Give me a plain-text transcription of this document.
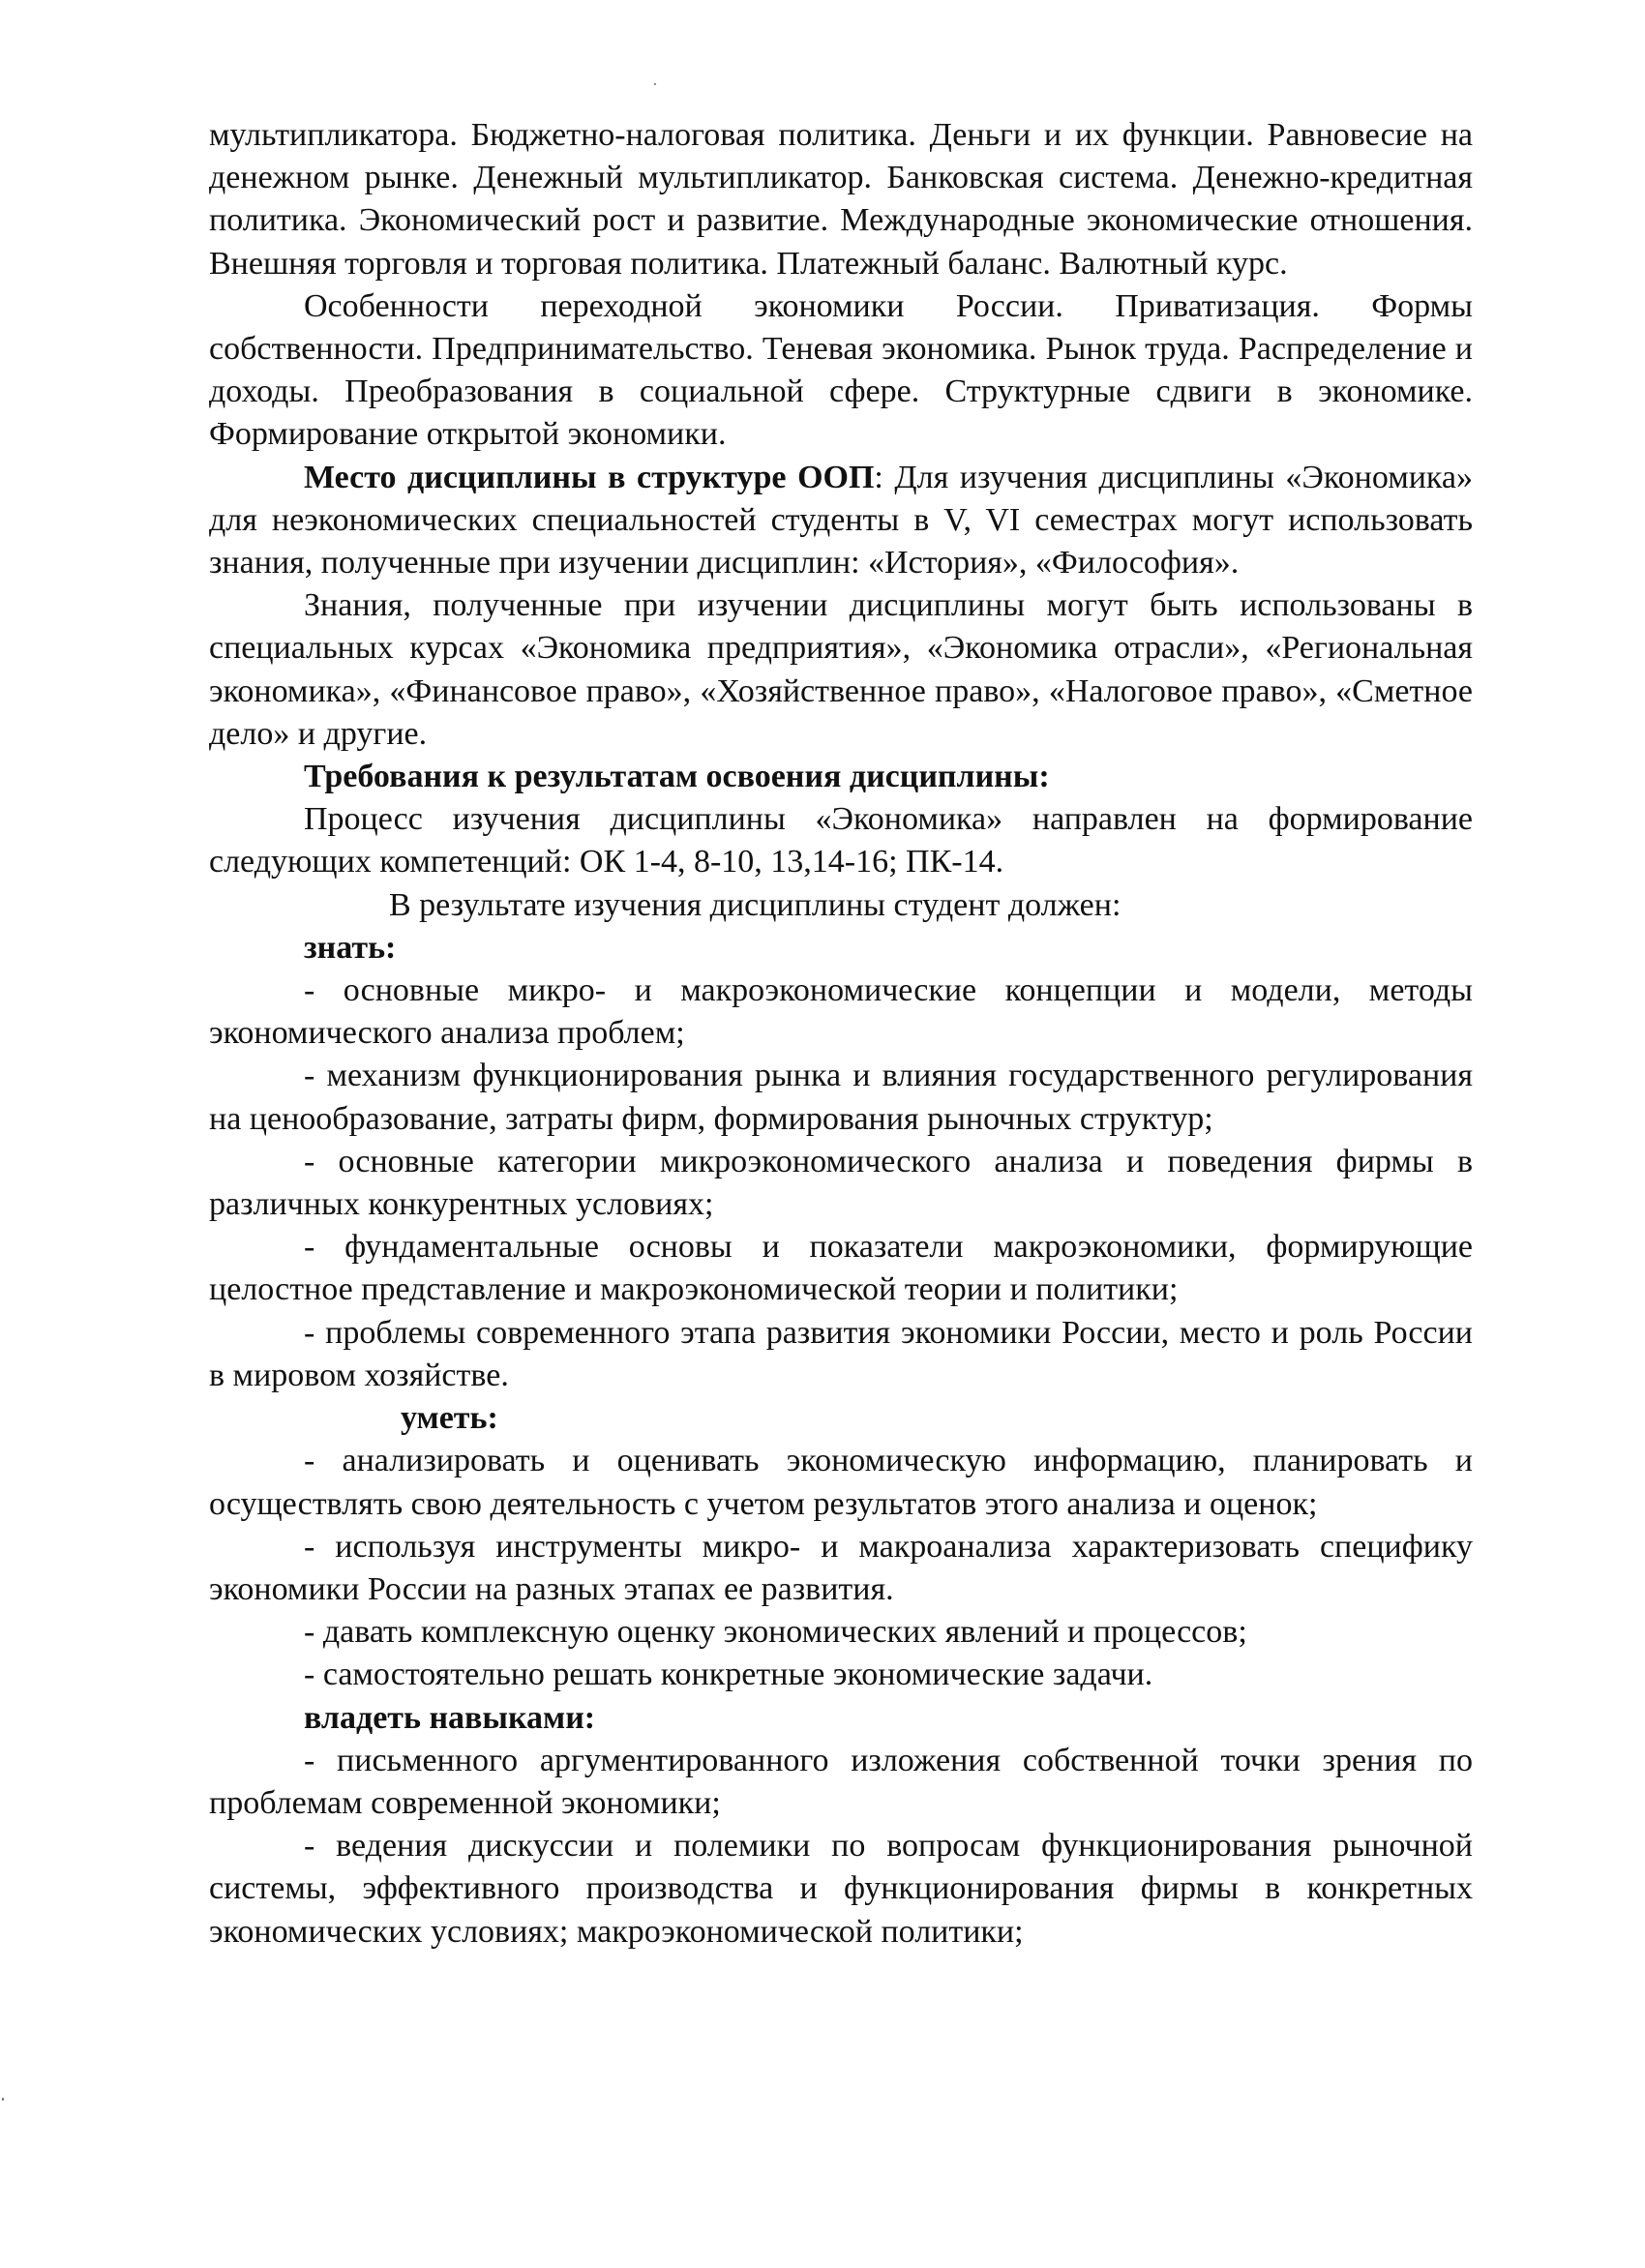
мультипликатора. Бюджетно-налоговая политика. Деньги и их функции. Равновесие на денежном рынке. Денежный мультипликатор. Банковская система. Денежно-кредитная политика. Экономический рост и развитие. Международные экономические отношения. Внешняя торговля и торговая политика. Платежный баланс. Валютный курс.

Особенности переходной экономики России. Приватизация. Формы собственности. Предпринимательство. Теневая экономика. Рынок труда. Распределение и доходы. Преобразования в социальной сфере. Структурные сдвиги в экономике. Формирование открытой экономики.

Место дисциплины в структуре ООП: Для изучения дисциплины «Экономика» для неэкономических специальностей студенты в V, VI семестрах могут использовать знания, полученные при изучении дисциплин: «История», «Философия».

Знания, полученные при изучении дисциплины могут быть использованы в специальных курсах «Экономика предприятия», «Экономика отрасли», «Региональная экономика», «Финансовое право», «Хозяйственное право», «Налоговое право», «Сметное дело» и другие.

Требования к результатам освоения дисциплины:

Процесс изучения дисциплины «Экономика» направлен на формирование следующих компетенций: ОК 1-4, 8-10, 13,14-16; ПК-14.

В результате изучения дисциплины студент должен:

знать:

- основные микро- и макроэкономические концепции и модели, методы экономического анализа проблем;

- механизм функционирования рынка и влияния государственного регулирования на ценообразование, затраты фирм, формирования рыночных структур;

- основные категории микроэкономического анализа и поведения фирмы в различных конкурентных условиях;

- фундаментальные основы и показатели макроэкономики, формирующие целостное представление и макроэкономической теории и политики;

- проблемы современного этапа развития экономики России, место и роль России в мировом хозяйстве.

уметь:

- анализировать и оценивать экономическую информацию, планировать и осуществлять свою деятельность с учетом результатов этого анализа и оценок;

- используя инструменты микро- и макроанализа характеризовать специфику экономики России на разных этапах ее развития.

- давать комплексную оценку экономических явлений и процессов;

- самостоятельно решать конкретные экономические задачи.

владеть навыками:

- письменного аргументированного изложения собственной точки зрения по проблемам современной экономики;

- ведения дискуссии и полемики по вопросам функционирования рыночной системы, эффективного производства и функционирования фирмы в конкретных экономических условиях; макроэкономической политики;
